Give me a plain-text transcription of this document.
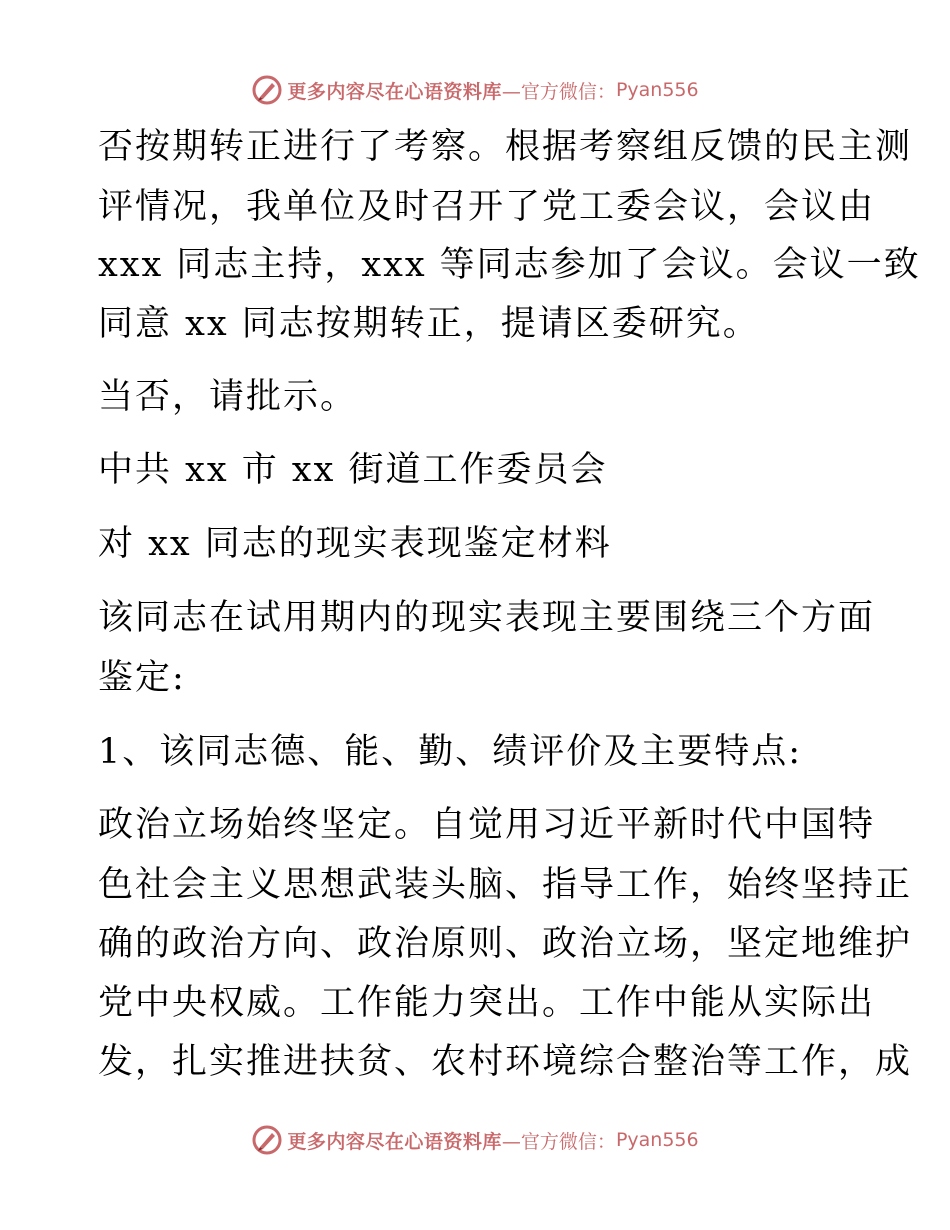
更多内容尽在心语资料库 —官方微信： Pyan556
否按期转正进行了考察。根据考察组反馈的民主测
评情况，我单位及时召开了党工委会议，会议由
xxx 同志主持，xxx 等同志参加了会议。会议一致
同意 xx 同志按期转正，提请区委研究。
当否，请批示。
中共 xx 市 xx 街道工作委员会
对 xx 同志的现实表现鉴定材料
该同志在试用期内的现实表现主要围绕三个方面
鉴定:
1、该同志德、能、勤、绩评价及主要特点:
政治立场始终坚定。自觉用习近平新时代中国特
色社会主义思想武装头脑、指导工作，始终坚持正
确的政治方向、政治原则、政治立场，坚定地维护
党中央权威。工作能力突出。工作中能从实际出
发，扎实推进扶贫、农村环境综合整治等工作，成
更多内容尽在心语资料库 —官方微信： Pyan556
